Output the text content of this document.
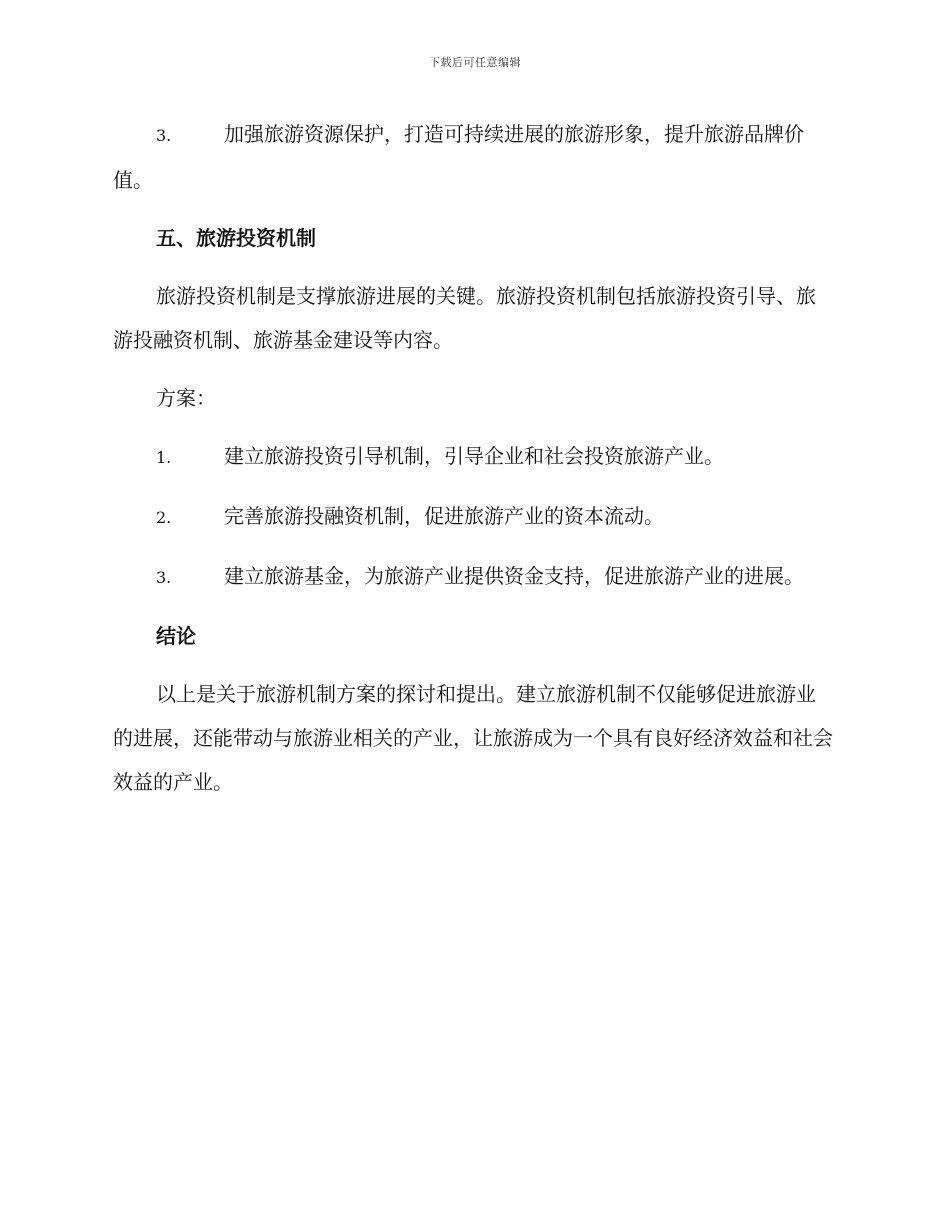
下载后可任意编辑

3.	加强旅游资源保护，打造可持续进展的旅游形象，提升旅游品牌价值。

五、旅游投资机制

旅游投资机制是支撑旅游进展的关键。旅游投资机制包括旅游投资引导、旅游投融资机制、旅游基金建设等内容。

方案：

1.	建立旅游投资引导机制，引导企业和社会投资旅游产业。

2.	完善旅游投融资机制，促进旅游产业的资本流动。

3.	建立旅游基金，为旅游产业提供资金支持，促进旅游产业的进展。

结论

以上是关于旅游机制方案的探讨和提出。建立旅游机制不仅能够促进旅游业的进展，还能带动与旅游业相关的产业，让旅游成为一个具有良好经济效益和社会效益的产业。
